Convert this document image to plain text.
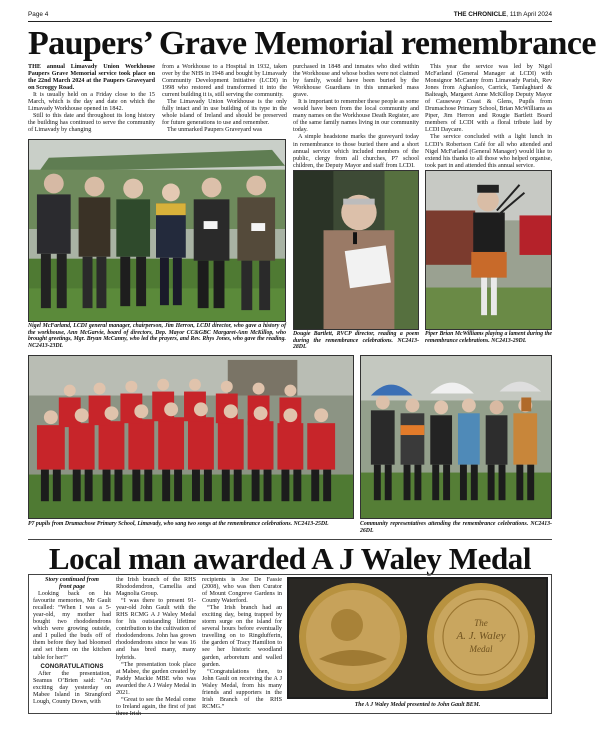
Page 4	THE CHRONICLE, 11th April 2024
Paupers’ Grave Memorial remembrance

THE annual Limavady Union Workhouse Paupers Grave Memorial service took place on the 22nd March 2024 at the Paupers Graveyard on Scroggy Road.

It is usually held on a Friday close to the 15 March, which is the day and date on which the Limavady Workhouse opened in 1842.

Still to this date and throughout its long history the building has continued to serve the community of Limavady by changing

from a Workhouse to a Hospital in 1932, taken over by the NHS in 1948 and bought by Limavady Community Development Initiative (LCDI) in 1998 who restored and transformed it into the current building it is, still serving the community.

The Limavady Union Workhouse is the only fully intact and in use building of its type in the whole island of Ireland and should be preserved for future generations to use and remember.

The unmarked Paupers Graveyard was

purchased in 1848 and inmates who died within the Workhouse and whose bodies were not claimed by family, would have been buried by the Workhouse Guardians in this unmarked mass grave.

It is important to remember these people as some would have been from the local community and many names on the Workhouse Death Register, are of the same family names living in our community today.

A simple headstone marks the graveyard today in remembrance to those buried there and a short annual service which included members of the public, clergy from all churches, P7 school children, the Deputy Mayor and staff from LCDI.

This year the service was led by Nigel McFarland (General Manager at LCDI) with Monsignor McCanny from Limavady Parish, Rev Jones from Aghanloo, Carrick, Tamlaghtard & Balteagh, Margaret Anne McKillop Deputy Mayor of Causeway Coast & Glens, Pupils from Drumachose Primary School, Brian McWilliams as Piper, Jim Herron and Rougie Bartlett Board members of LCDI with a floral tribute laid by LCDI Daycare.

The service concluded with a light lunch in LCDI’s Robertson Café for all who attended and Nigel McFarland (General Manager) would like to extend his thanks to all those who helped organise, took part in and attended this annual service.

Nigel McFarland, LCDI general manager, chairperson, Jim Herron, LCDI director, who gave a history of the workhouse, Ann McGarvie, board of directors, Dep. Mayor CC&GBC Margaret-Ann McKillop, who brought greetings, Mgr. Bryan McCanny, who led the prayers, and Rev. Rhys Jones, who gave the reading. NC2413-23DL
Dougie Bartlett, RVCP director, reading a poem during the remembrance celebrations. NC2413-28DL
Piper Brian McWilliams playing a lament during the remembrance celebrations. NC2413-29DL
P7 pupils from Drumachose Primary School, Limavady, who sang two songs at the remembrance celebrations. NC2413-25DL	Community representatives attending the remembrance celebrations. NC2413-26DL
Local man awarded A J Waley Medal

Story continued from

front page

Looking back on his favourite memories, Mr Gault recalled: “When I was a 5-year-old, my mother had bought two rhododendrons which were growing outside, and I pulled the buds off of them before they had bloomed and set them on the kitchen table for her!”

CONGRATULATIONS

After the presentation, Seamus O’Brien said: “An exciting day yesterday on Mabee Island in Strangford Lough, County Down, with

the Irish branch of the RHS Rhododendron, Camellia and Magnolia Group.

“I was there to present 91-year-old John Gault with the RHS RCMG A J Waley Medal for his outstanding lifetime contribution to the cultivation of rhododendrons. John has grown rhododendrons since he was 16 and has bred many, many hybrids.

“The presentation took place at Mabee, the garden created by Paddy Mackie MBE who was awarded the A J Waley Medal in 2021.

“Great to see the Medal come to Ireland again, the first of just three Irish

recipients is Joe De Fassie (2008), who was then Curator of Mount Congreve Gardens in County Waterford.

“The Irish branch had an exciting day, being trapped by storm surge on the island for several hours before eventually travelling on to Ringdufferin, the garden of Tracy Hamilton to see her historic woodland garden, arboretum and walled garden.

“Congratulations then, to John Gault on receiving the A J Waley Medal, from his many friends and supporters in the Irish Branch of the RHS RCMG.”

The
A. J. Waley
Medal
The A J Waley Medal presented to John Gault BEM.
